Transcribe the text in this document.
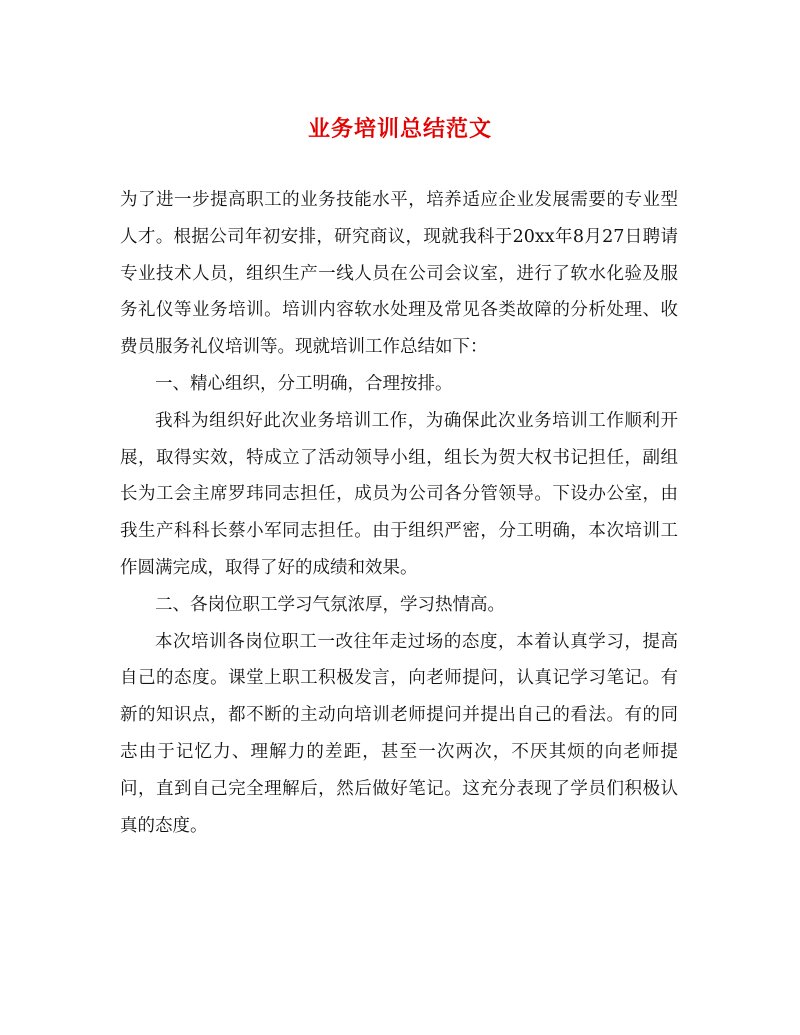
业务培训总结范文

为了进一步提高职工的业务技能水平，培养适应企业发展需要的专业型人才。根据公司年初安排，研究商议，现就我科于20xx年8月27日聘请专业技术人员，组织生产一线人员在公司会议室，进行了软水化验及服务礼仪等业务培训。培训内容软水处理及常见各类故障的分析处理、收费员服务礼仪培训等。现就培训工作总结如下：

一、精心组织，分工明确，合理按排。

我科为组织好此次业务培训工作，为确保此次业务培训工作顺利开展，取得实效，特成立了活动领导小组，组长为贺大权书记担任，副组长为工会主席罗玮同志担任，成员为公司各分管领导。下设办公室，由我生产科科长蔡小军同志担任。由于组织严密，分工明确，本次培训工作圆满完成，取得了好的成绩和效果。

二、各岗位职工学习气氛浓厚，学习热情高。

本次培训各岗位职工一改往年走过场的态度，本着认真学习，提高自己的态度。课堂上职工积极发言，向老师提问，认真记学习笔记。有新的知识点，都不断的主动向培训老师提问并提出自己的看法。有的同志由于记忆力、理解力的差距，甚至一次两次，不厌其烦的向老师提问，直到自己完全理解后，然后做好笔记。这充分表现了学员们积极认真的态度。
